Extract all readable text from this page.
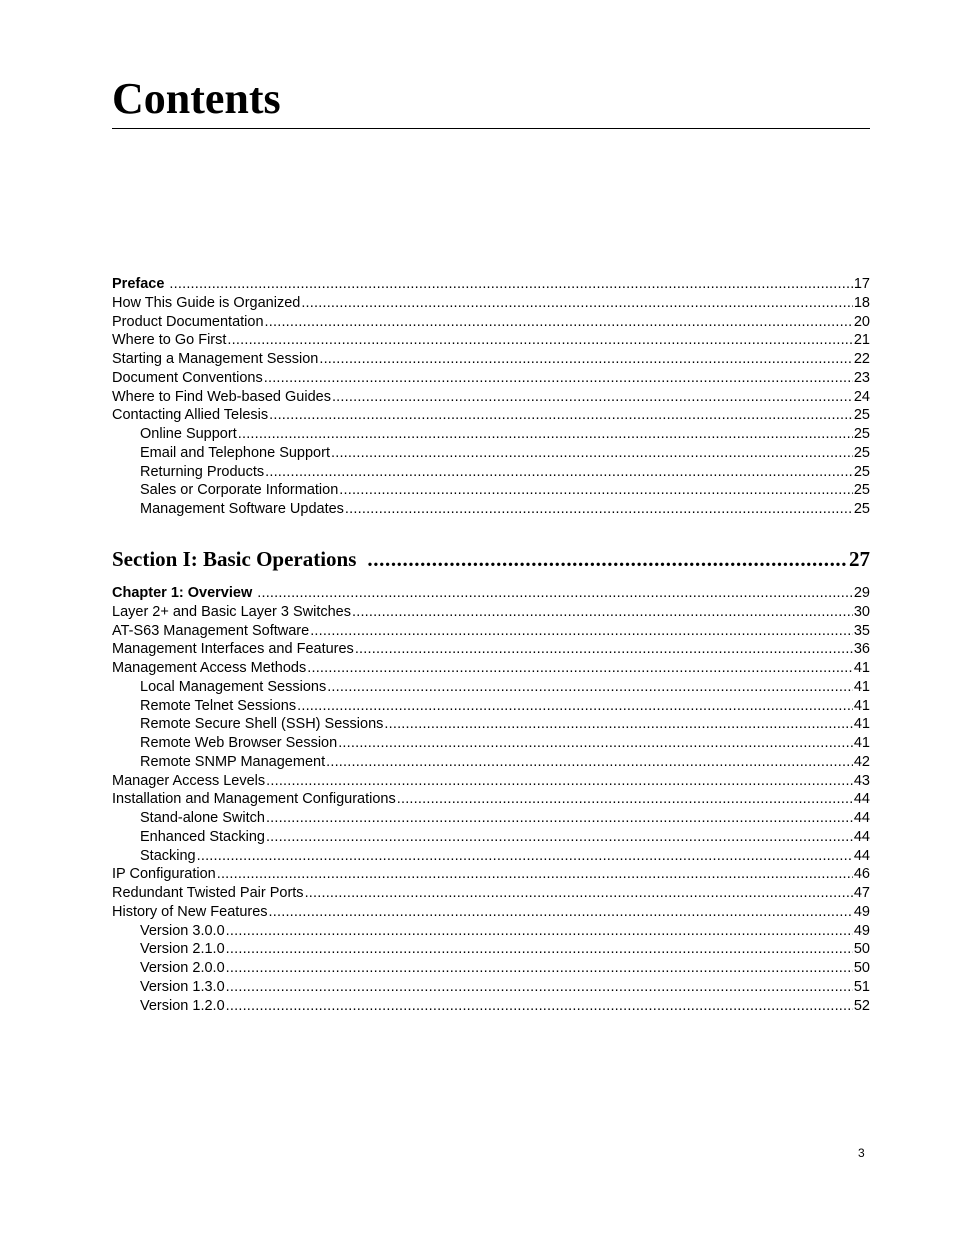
Contents
Preface .....	17
How This Guide is Organized .....	18
Product Documentation .....	20
Where to Go First .....	21
Starting a Management Session .....	22
Document Conventions .....	23
Where to Find Web-based Guides .....	24
Contacting Allied Telesis .....	25
Online Support .....	25
Email and Telephone Support .....	25
Returning Products .....	25
Sales or Corporate Information .....	25
Management Software Updates .....	25
Section I: Basic Operations .....	27
Chapter 1: Overview .....	29
Layer 2+ and Basic Layer 3 Switches .....	30
AT-S63 Management Software .....	35
Management Interfaces and Features .....	36
Management Access Methods .....	41
Local Management Sessions .....	41
Remote Telnet Sessions .....	41
Remote Secure Shell (SSH) Sessions .....	41
Remote Web Browser Session .....	41
Remote SNMP Management .....	42
Manager Access Levels .....	43
Installation and Management Configurations .....	44
Stand-alone Switch .....	44
Enhanced Stacking .....	44
Stacking .....	44
IP Configuration .....	46
Redundant Twisted Pair Ports .....	47
History of New Features .....	49
Version 3.0.0 .....	49
Version 2.1.0 .....	50
Version 2.0.0 .....	50
Version 1.3.0 .....	51
Version 1.2.0 .....	52
3
